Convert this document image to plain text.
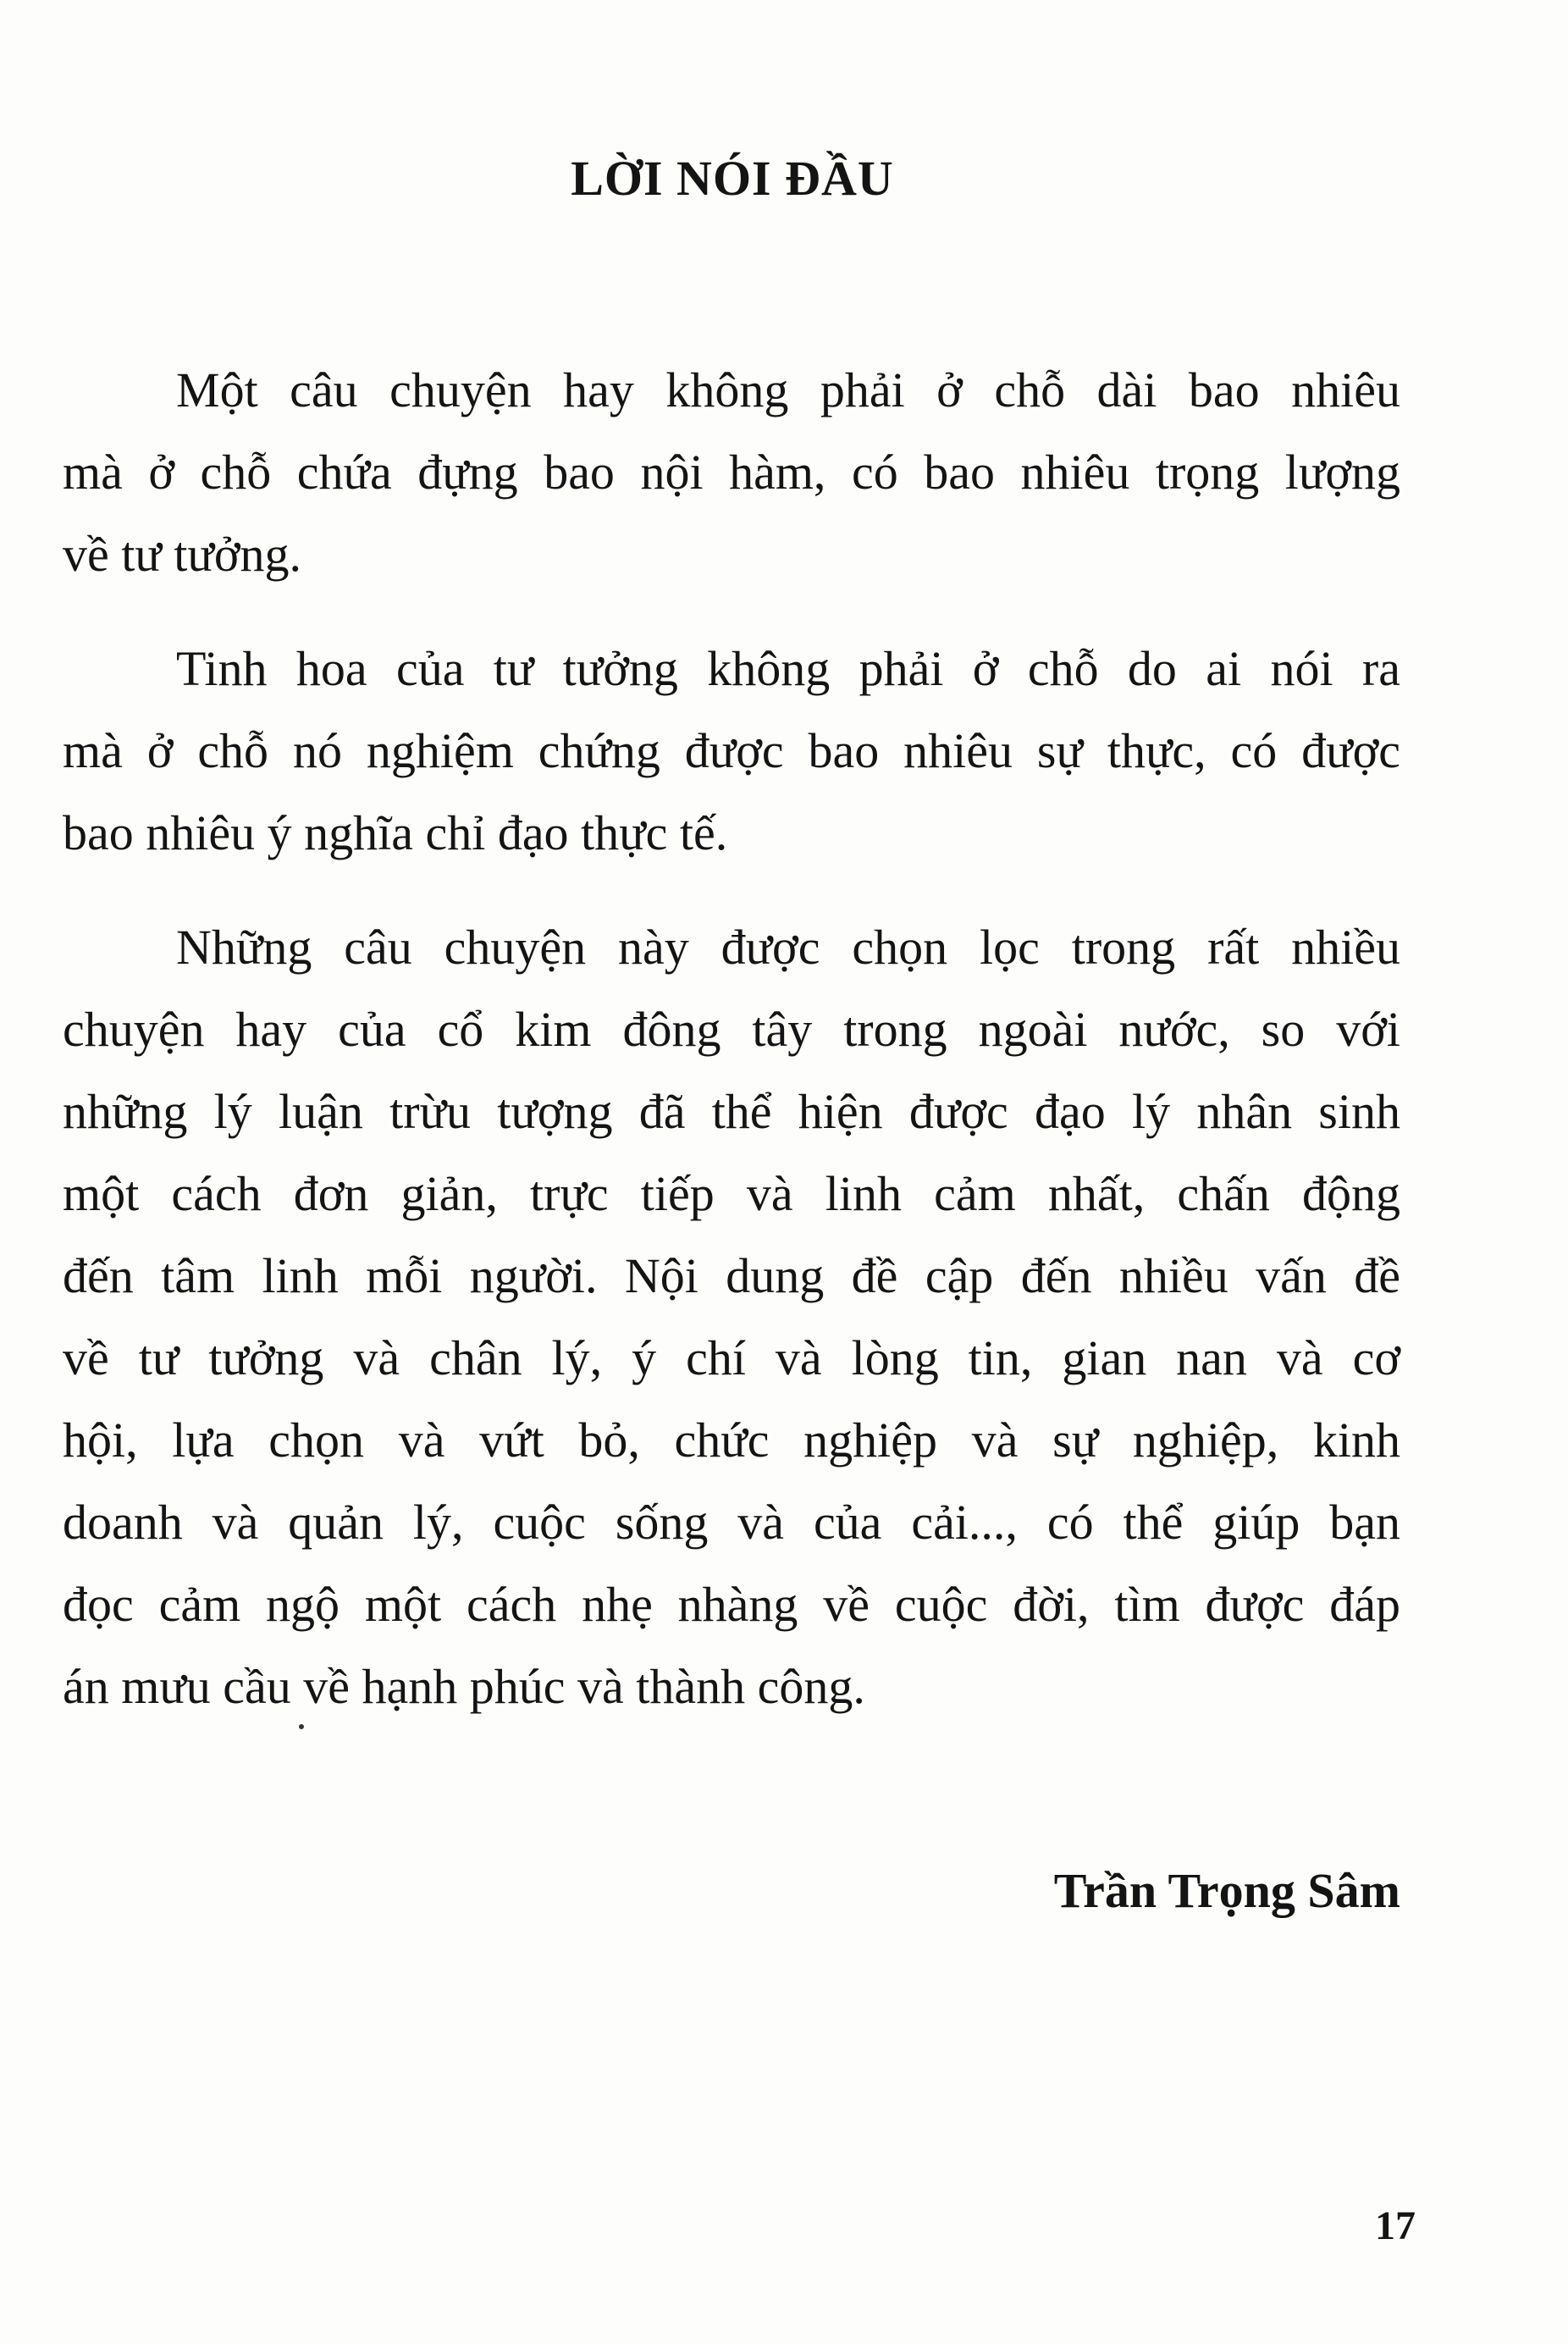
LỜI NÓI ĐẦU

Một câu chuyện hay không phải ở chỗ dài bao nhiêu
mà ở chỗ chứa đựng bao nội hàm, có bao nhiêu trọng lượng
về tư tưởng.

Tinh hoa của tư tưởng không phải ở chỗ do ai nói ra
mà ở chỗ nó nghiệm chứng được bao nhiêu sự thực, có được
bao nhiêu ý nghĩa chỉ đạo thực tế.

Những câu chuyện này được chọn lọc trong rất nhiều
chuyện hay của cổ kim đông tây trong ngoài nước, so với
những lý luận trừu tượng đã thể hiện được đạo lý nhân sinh
một cách đơn giản, trực tiếp và linh cảm nhất, chấn động
đến tâm linh mỗi người. Nội dung đề cập đến nhiều vấn đề
về tư tưởng và chân lý, ý chí và lòng tin, gian nan và cơ
hội, lựa chọn và vứt bỏ, chức nghiệp và sự nghiệp, kinh
doanh và quản lý, cuộc sống và của cải..., có thể giúp bạn
đọc cảm ngộ một cách nhẹ nhàng về cuộc đời, tìm được đáp
án mưu cầu về hạnh phúc và thành công.

Trần Trọng Sâm
17
